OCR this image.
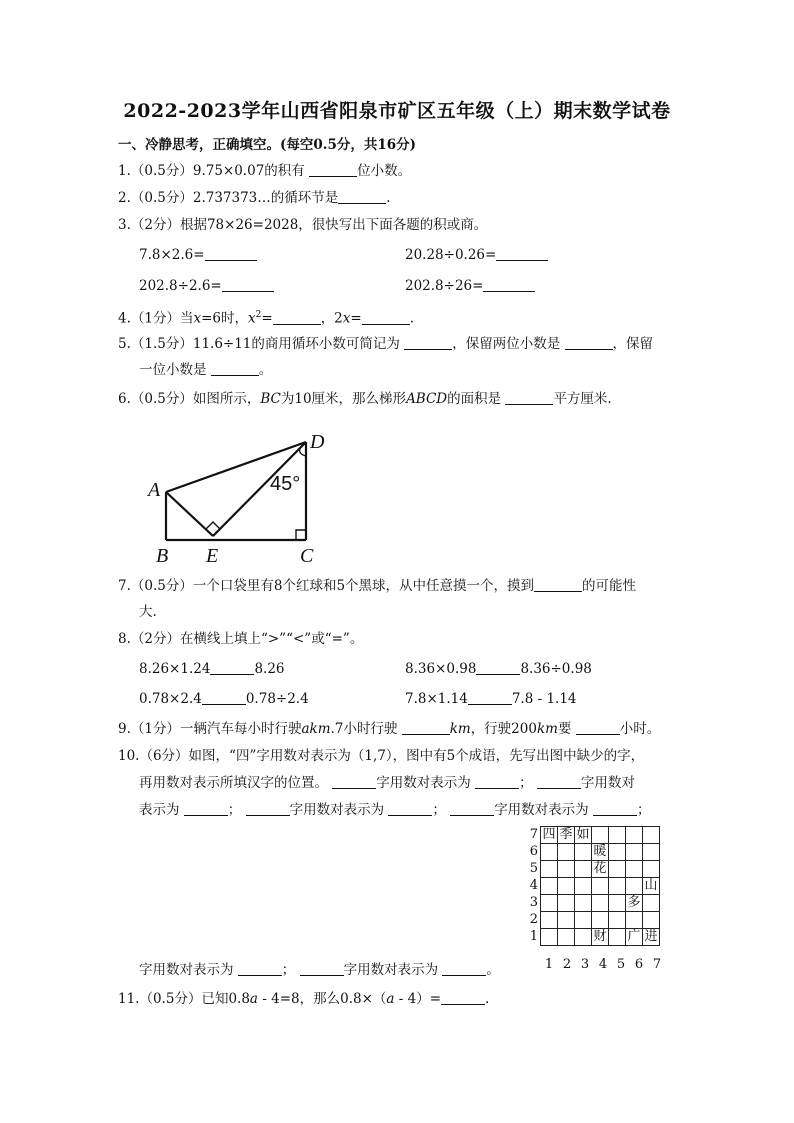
2022-2023学年山西省阳泉市矿区五年级（上）期末数学试卷
一、冷静思考，正确填空。(每空0.5分，共16分)
1.（0.5分）9.75×0.07的积有	位小数。
2.（0.5分）2.737373…的循环节是	.
3.（2分）根据78×26=2028，很快写出下面各题的积或商。
7.8×2.6=	20.28÷0.26=
202.8÷2.6=	202.8÷26=
4.（1分）当x=6时，$x^2=$	，2x=	.
5.（1.5分）11.6÷11的商用循环小数可简记为	，保留两位小数是	，保留
一位小数是	。
6.（0.5分）如图所示，BC为10厘米，那么梯形ABCD的面积是	平方厘米.
A
B E	C
D
45°
7.（0.5分）一个口袋里有8个红球和5个黑球，从中任意摸一个，摸到	的可能性
大.
8.（2分）在横线上填上“>”“<”或“=”。
8.26×1.24	8.26	8.36×0.98	8.36÷0.98
0.78×2.4	0.78÷2.4	7.8×1.14	7.8 - 1.14
9.（1分）一辆汽车每小时行驶akm.7小时行驶	km，行驶200km要	小时。
10.（6分）如图，“四”字用数对表示为（1,7），图中有5个成语，先写出图中缺少的字，
再用数对表示所填汉字的位置。	字用数对表示为	；	字用数对
表示为	；	字用数对表示为	；	字用数对表示为	；
7	四	季	如				
6				暖			
5				花			
4							山
3						多	
2							
1				财		广	进
1 2 3 4 5 6 7
字用数对表示为	；	字用数对表示为	。
11.（0.5分）已知0.8a - 4=8，那么0.8×（a - 4）=	.
